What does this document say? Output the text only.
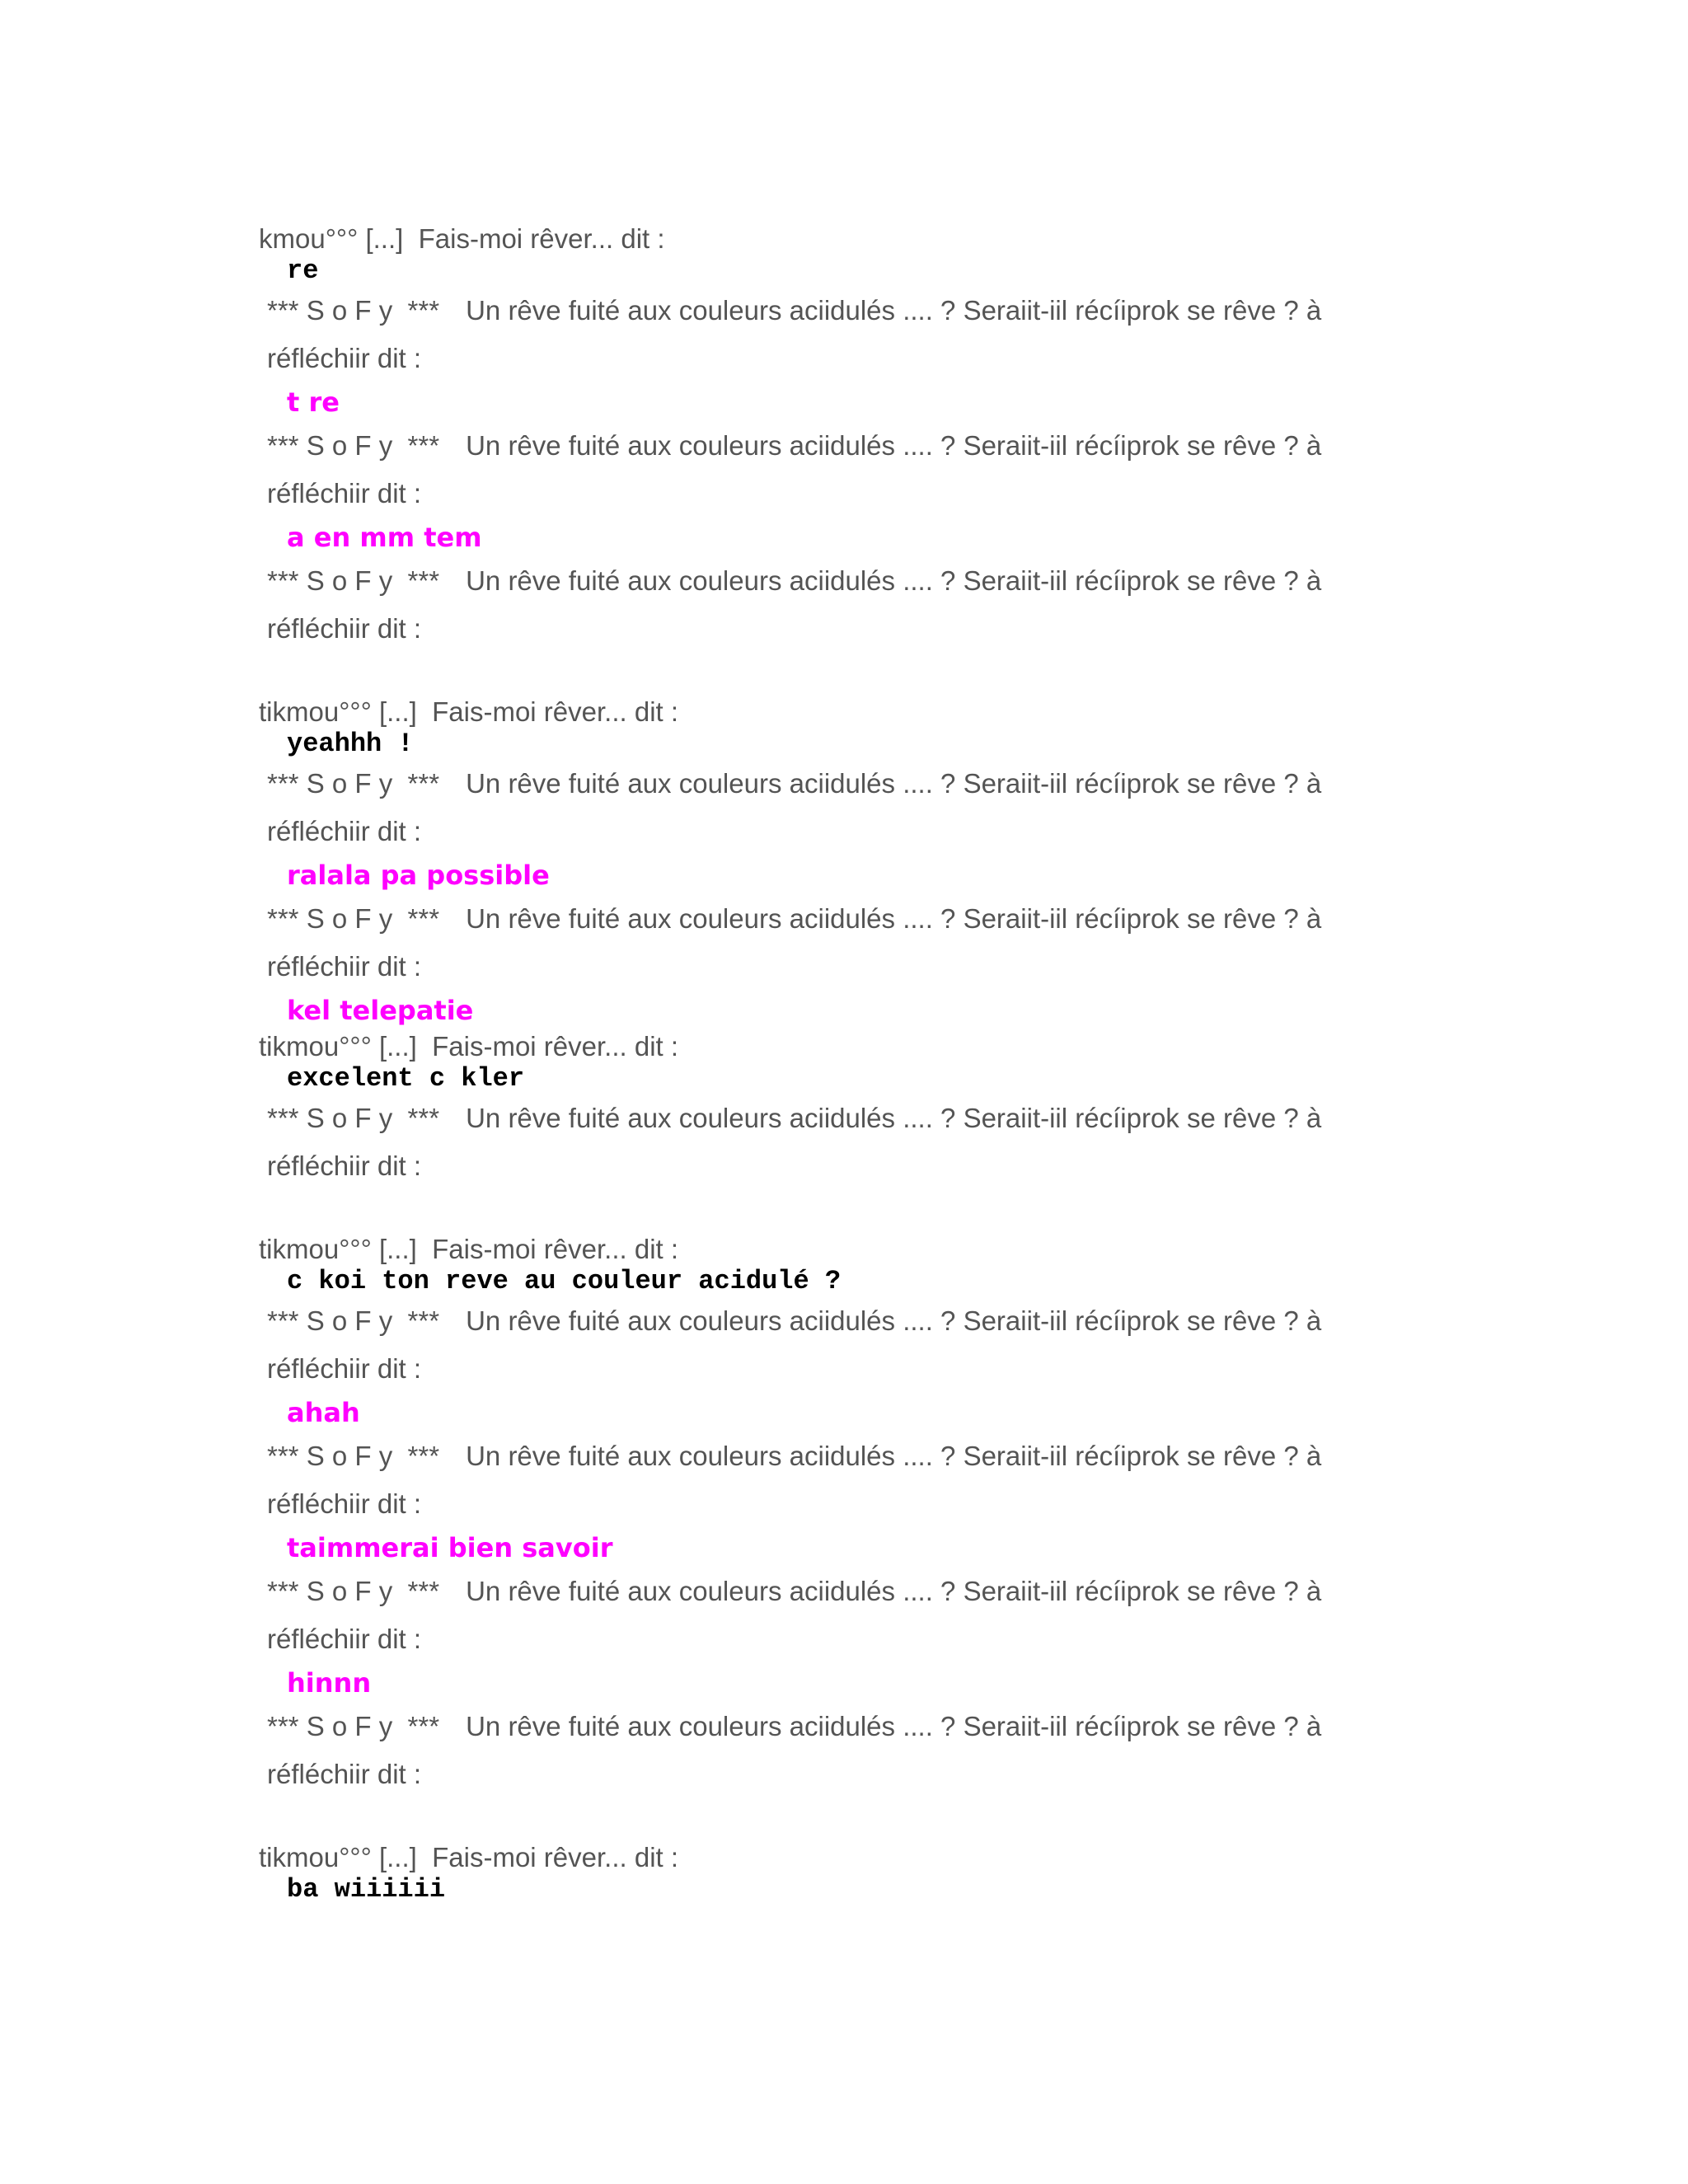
kmou°°° [...]  Fais-moi rêver... dit :
re
*** S o F y  *** Un rêve fuité aux couleurs aciidulés .... ? Seraiit-iil récíiprok se rêve ? à réfléchiir dit :
t re
*** S o F y  *** Un rêve fuité aux couleurs aciidulés .... ? Seraiit-iil récíiprok se rêve ? à réfléchiir dit :
a en mm tem
*** S o F y  *** Un rêve fuité aux couleurs aciidulés .... ? Seraiit-iil récíiprok se rêve ? à réfléchiir dit :
tikmou°°° [...]  Fais-moi rêver... dit :
yeahhh !
*** S o F y  *** Un rêve fuité aux couleurs aciidulés .... ? Seraiit-iil récíiprok se rêve ? à réfléchiir dit :
ralala pa possible
*** S o F y  *** Un rêve fuité aux couleurs aciidulés .... ? Seraiit-iil récíiprok se rêve ? à réfléchiir dit :
kel telepatie
tikmou°°° [...]  Fais-moi rêver... dit :
excelent c kler
*** S o F y  *** Un rêve fuité aux couleurs aciidulés .... ? Seraiit-iil récíiprok se rêve ? à réfléchiir dit :
tikmou°°° [...]  Fais-moi rêver... dit :
c koi ton reve au couleur acidulé ?
*** S o F y  *** Un rêve fuité aux couleurs aciidulés .... ? Seraiit-iil récíiprok se rêve ? à réfléchiir dit :
ahah
*** S o F y  *** Un rêve fuité aux couleurs aciidulés .... ? Seraiit-iil récíiprok se rêve ? à réfléchiir dit :
taimmerai bien savoir
*** S o F y  *** Un rêve fuité aux couleurs aciidulés .... ? Seraiit-iil récíiprok se rêve ? à réfléchiir dit :
hinnn
*** S o F y  *** Un rêve fuité aux couleurs aciidulés .... ? Seraiit-iil récíiprok se rêve ? à réfléchiir dit :
tikmou°°° [...]  Fais-moi rêver... dit :
ba wiiiiii
